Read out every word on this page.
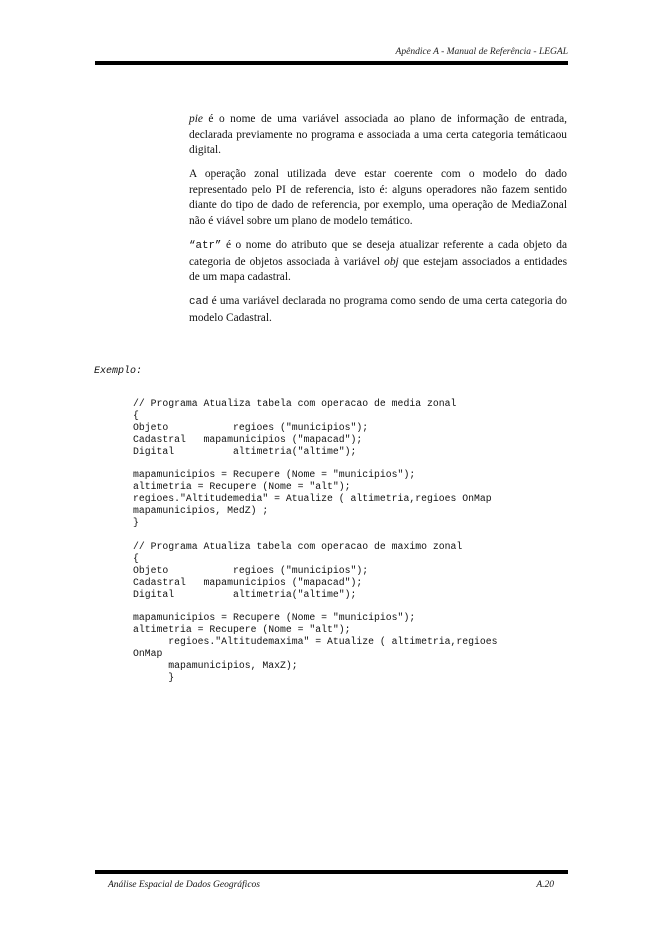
Apêndice A - Manual de Referência - LEGAL

pie é o nome de uma variável associada ao plano de informação de entrada, declarada previamente no programa e associada a uma certa categoria temáticaou digital.

A operação zonal utilizada deve estar coerente com o modelo do dado representado pelo PI de referencia, isto é: alguns operadores não fazem sentido diante do tipo de dado de referencia, por exemplo, uma operação de MediaZonal não é viável sobre um plano de modelo temático.

“atr” é o nome do atributo que se deseja atualizar referente a cada objeto da categoria de objetos associada à variável obj que estejam associados a entidades de um mapa cadastral.

cad é uma variável declarada no programa como sendo de uma certa categoria do modelo Cadastral.

Exemplo:
// Programa Atualiza tabela com operacao de media zonal
{
Objeto           regioes ("municipios");
Cadastral   mapamunicipios ("mapacad");
Digital          altimetria("altime");

mapamunicipios = Recupere (Nome = "municipios");
altimetria = Recupere (Nome = "alt");
regioes."Altitudemedia" = Atualize ( altimetria,regioes OnMap
mapamunicipios, MedZ) ;
}

// Programa Atualiza tabela com operacao de maximo zonal
{
Objeto           regioes ("municipios");
Cadastral   mapamunicipios ("mapacad");
Digital          altimetria("altime");

mapamunicipios = Recupere (Nome = "municipios");
altimetria = Recupere (Nome = "alt");
regioes."Altitudemaxima" = Atualize ( altimetria,regioes
OnMap
mapamunicipios, MaxZ);
}
Análise Espacial de Dados Geográficos	A.20
